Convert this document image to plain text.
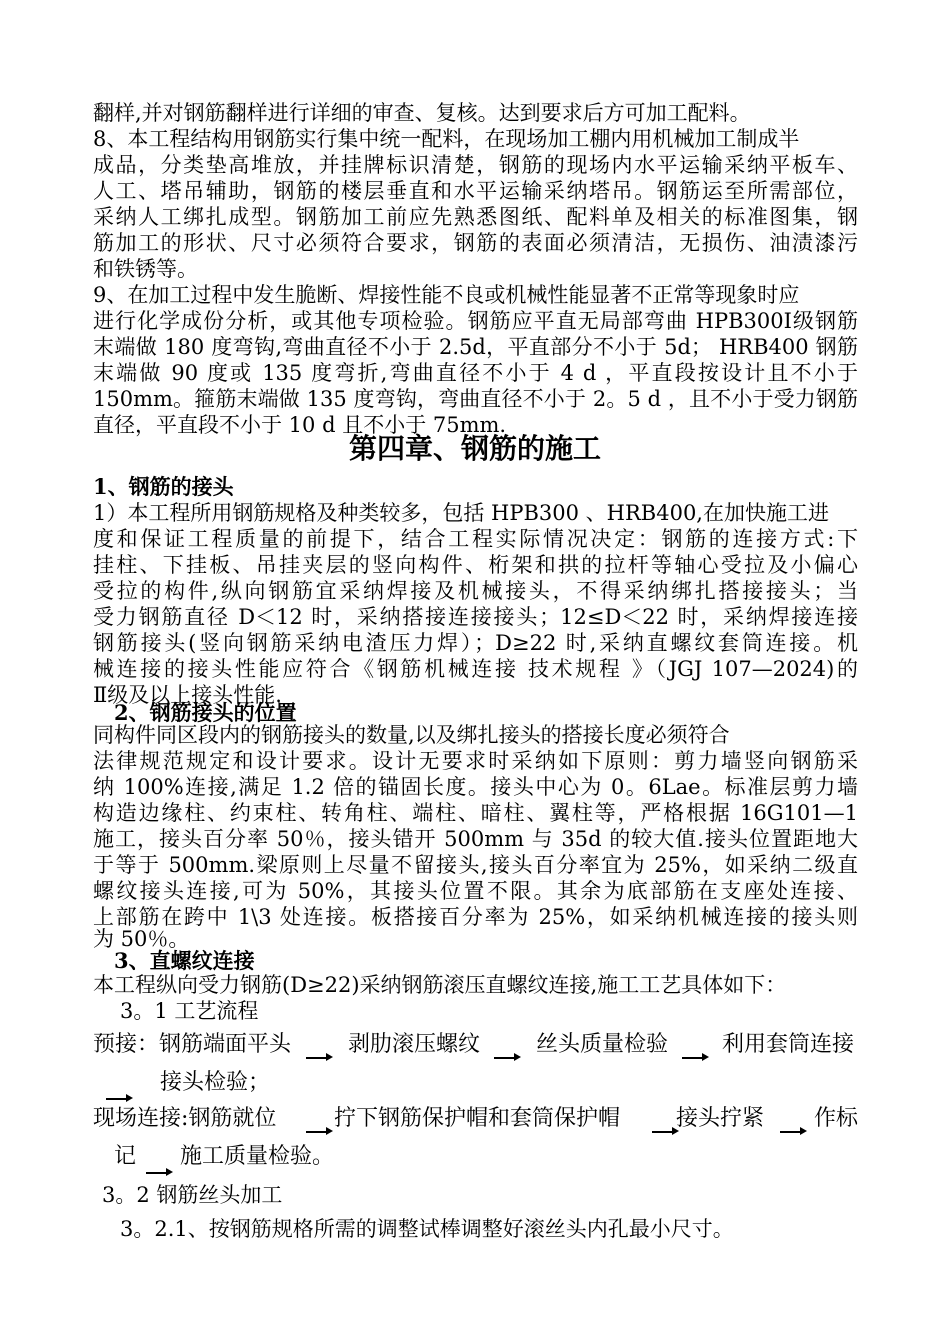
翻样,并对钢筋翻样进行详细的审查、复核。达到要求后方可加工配料。
8、本工程结构用钢筋实行集中统一配料，在现场加工棚内用机械加工制成半
成品，分类垫高堆放，并挂牌标识清楚，钢筋的现场内水平运输采纳平板车、
人工、塔吊辅助，钢筋的楼层垂直和水平运输采纳塔吊。钢筋运至所需部位，
采纳人工绑扎成型。钢筋加工前应先熟悉图纸、配料单及相关的标准图集，钢
筋加工的形状、尺寸必须符合要求，钢筋的表面必须清洁，无损伤、油渍漆污
和铁锈等。
9、在加工过程中发生脆断、焊接性能不良或机械性能显著不正常等现象时应
进行化学成份分析，或其他专项检验。钢筋应平直无局部弯曲 HPB300I级钢筋
末端做 180 度弯钩,弯曲直径不小于 2.5d，平直部分不小于 5d； HRB400 钢筋
末端做 90 度或 135 度弯折,弯曲直径不小于 4 d ，平直段按设计且不小于
150mm。箍筋末端做 135 度弯钩，弯曲直径不小于 2。5 d ，且不小于受力钢筋
直径，平直段不小于 10 d 且不小于 75mm.
第四章、钢筋的施工
1、钢筋的接头
1）本工程所用钢筋规格及种类较多，包括 HPB300 、HRB400,在加快施工进
度和保证工程质量的前提下，结合工程实际情况决定：钢筋的连接方式:下
挂柱、下挂板、吊挂夹层的竖向构件、桁架和拱的拉杆等轴心受拉及小偏心
受拉的构件,纵向钢筋宜采纳焊接及机械接头，不得采纳绑扎搭接接头；当
受力钢筋直径 D＜12 时，采纳搭接连接接头；12≤D＜22 时，采纳焊接连接
钢筋接头(竖向钢筋采纳电渣压力焊）；D≥22 时,采纳直螺纹套筒连接。机
械连接的接头性能应符合《钢筋机械连接 技术规程 》（JGJ 107—2024)的
Ⅱ级及以上接头性能.
2、钢筋接头的位置
同构件同区段内的钢筋接头的数量,以及绑扎接头的搭接长度必须符合
法律规范规定和设计要求。设计无要求时采纳如下原则：剪力墙竖向钢筋采
纳 100%连接,满足 1.2 倍的锚固长度。接头中心为 0。6Lae。标准层剪力墙
构造边缘柱、约束柱、转角柱、端柱、暗柱、翼柱等，严格根据 16G101—1
施工，接头百分率 50％，接头错开 500mm 与 35d 的较大值.接头位置距地大
于等于 500mm.梁原则上尽量不留接头,接头百分率宜为 25%，如采纳二级直
螺纹接头连接,可为 50%，其接头位置不限。其余为底部筋在支座处连接、
上部筋在跨中 1\3 处连接。板搭接百分率为 25%，如采纳机械连接的接头则
为 50％。
3、直螺纹连接
本工程纵向受力钢筋(D≥22)采纳钢筋滚压直螺纹连接,施工工艺具体如下：
3。1 工艺流程
预接：钢筋端面平头	剥肋滚压螺纹	丝头质量检验 利用套筒连接
接头检验；
现场连接:钢筋就位	拧下钢筋保护帽和套筒保护帽	接头拧紧 作标
记 施工质量检验。
3。2 钢筋丝头加工
3。2.1、按钢筋规格所需的调整试棒调整好滚丝头内孔最小尺寸。
